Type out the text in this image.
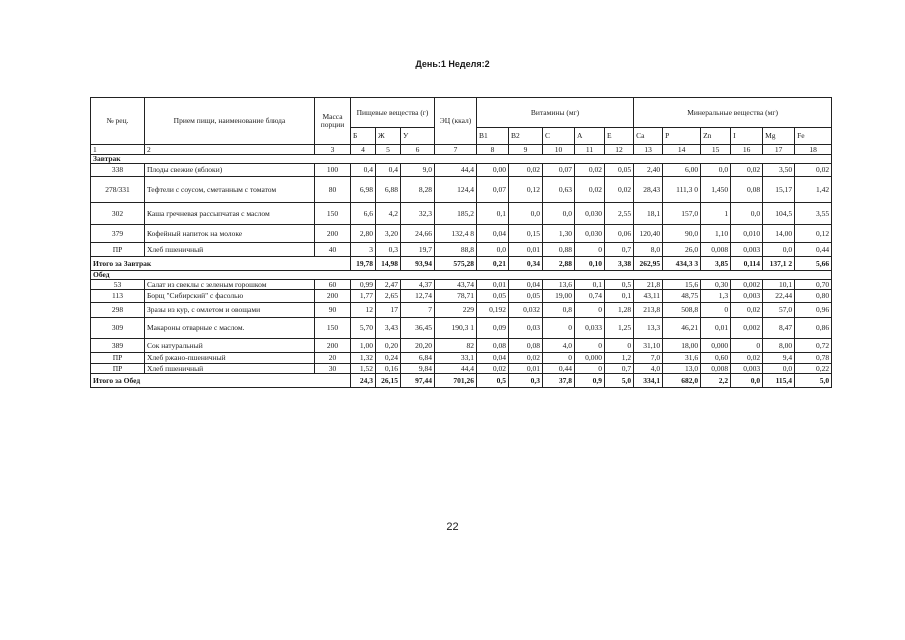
День:1 Неделя:2
№ рец.	Прием пищи, наименование блюда	Масса порции	Пищевые вещества (г)			ЭЦ (ккал)	Витамины (мг)					Минеральные вещества (мг)					
			Б	Ж	У		B1	B2	C	A	E	Ca	P	Zn	I	Mg	Fe
1	2	3	4	5	6	7	8	9	10	11	12	13	14	15	16	17	18
Завтрак																	
338	Плоды свежие (яблоки)	100	0,4	0,4	9,0	44,4	0,00	0,02	0,07	0,02	0,05	2,40	6,00	0,0	0,02	3,50	0,02
278/331	Тефтели с соусом, сметанным с томатом	80	6,98	6,88	8,28	124,4	0,07	0,12	0,63	0,02	0,02	28,43	111,3 0	1,450	0,08	15,17	1,42
302	Каша гречневая рассыпчатая с маслом	150	6,6	4,2	32,3	185,2	0,1	0,0	0,0	0,030	2,55	18,1	157,0	1	0,0	104,5	3,55
379	Кофейный напиток на молоке	200	2,80	3,20	24,66	132,4 8	0,04	0,15	1,30	0,030	0,06	120,40	90,0	1,10	0,010	14,00	0,12
ПР	Хлеб пшеничный	40	3	0,3	19,7	88,8	0,0	0,01	0,88	0	0,7	8,0	26,0	0,008	0,003	0,0	0,44
Итого за Завтрак			19,78	14,98	93,94	575,28	0,21	0,34	2,88	0,10	3,38	262,95	434,3 3	3,85	0,114	137,1 2	5,66
Обед																	
53	Салат из свеклы с зеленым горошком	60	0,99	2,47	4,37	43,74	0,01	0,04	13,6	0,1	0,5	21,8	15,6	0,30	0,002	10,1	0,70
113	Борщ "Сибирский" с фасолью	200	1,77	2,65	12,74	78,71	0,05	0,05	19,00	0,74	0,1	43,11	48,75	1,3	0,003	22,44	0,80
298	Зразы из кур, с омлетом и овощами	90	12	17	7	229	0,192	0,032	0,8	0	1,28	213,8	508,8	0	0,02	57,0	0,96
309	Макароны отварные с маслом.	150	5,70	3,43	36,45	190,3 1	0,09	0,03	0	0,033	1,25	13,3	46,21	0,01	0,002	8,47	0,86
389	Сок натуральный	200	1,00	0,20	20,20	82	0,08	0,08	4,0	0	0	31,10	18,00	0,000	0	8,00	0,72
ПР	Хлеб ржано-пшеничный	20	1,32	0,24	6,84	33,1	0,04	0,02	0	0,000	1,2	7,0	31,6	0,60	0,02	9,4	0,78
ПР	Хлеб пшеничный	30	1,52	0,16	9,84	44,4	0,02	0,01	0,44	0	0,7	4,0	13,0	0,008	0,003	0,0	0,22
Итого за Обед			24,3	26,15	97,44	701,26	0,5	0,3	37,8	0,9	5,0	334,1	682,0	2,2	0,0	115,4	5,0
22
